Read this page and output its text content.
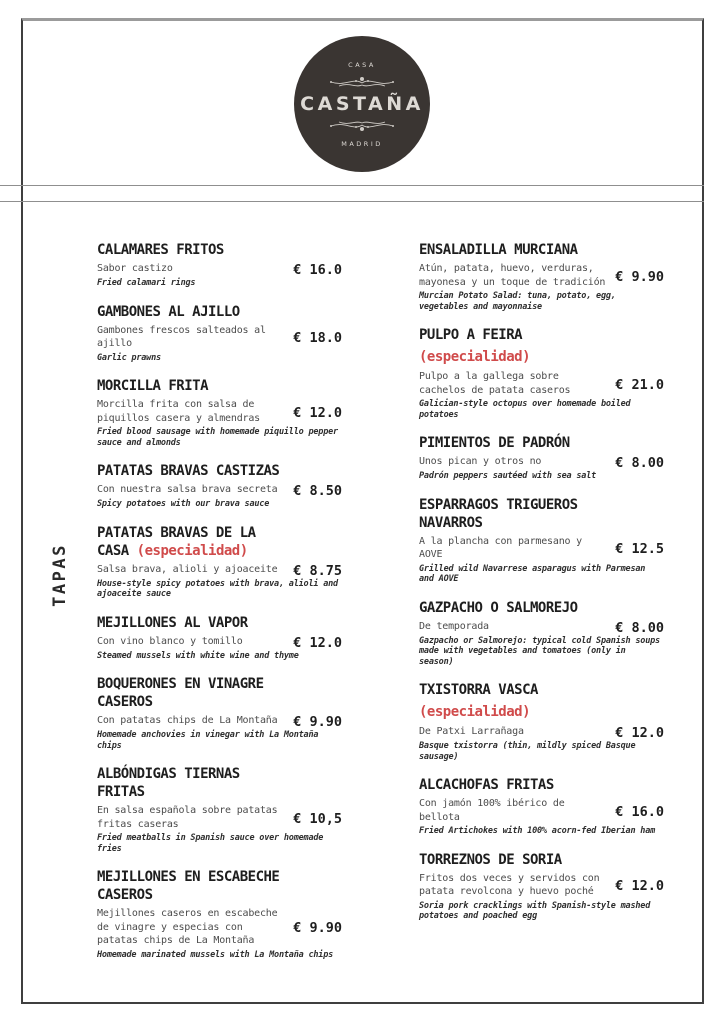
CASA
CASTAÑA
MADRID
TAPAS
CALAMARES FRITOS

Sabor castizo

Fried calamari rings

€ 16.0
GAMBONES AL AJILLO

Gambones frescos salteados al ajillo

Garlic prawns

€ 18.0
MORCILLA FRITA

Morcilla frita con salsa de piquillos casera y almendras

Fried blood sausage with homemade piquillo pepper sauce and almonds

€ 12.0
PATATAS BRAVAS CASTIZAS

Con nuestra salsa brava secreta

Spicy potatoes with our brava sauce

€ 8.50
PATATAS BRAVAS DE LA CASA (especialidad)

Salsa brava, alioli y ajoaceite

House-style spicy potatoes with brava, alioli and ajoaceite sauce

€ 8.75
MEJILLONES AL VAPOR

Con vino blanco y tomillo

Steamed mussels with white wine and thyme

€ 12.0
BOQUERONES EN VINAGRE CASEROS

Con patatas chips de La Montaña

Homemade anchovies in vinegar with La Montaña chips

€ 9.90
ALBÓNDIGAS TIERNAS FRITAS

En salsa española sobre patatas fritas caseras

Fried meatballs in Spanish sauce over homemade fries

€ 10,5
MEJILLONES EN ESCABECHE CASEROS

Mejillones caseros en escabeche de vinagre y especias con patatas chips de La Montaña

Homemade marinated mussels with La Montaña chips

€ 9.90
ENSALADILLA MURCIANA

Atún, patata, huevo, verduras, mayonesa y un toque de tradición

Murcian Potato Salad: tuna, potato, egg, vegetables and mayonnaise

€ 9.90
PULPO A FEIRA
(especialidad)

Pulpo a la gallega sobre cachelos de patata caseros

Galician-style octopus over homemade boiled potatoes

€ 21.0
PIMIENTOS DE PADRÓN

Unos pican y otros no

Padrón peppers sautéed with sea salt

€ 8.00
ESPARRAGOS TRIGUEROS NAVARROS

A la plancha con parmesano y AOVE

Grilled wild Navarrese asparagus with Parmesan and AOVE

€ 12.5
GAZPACHO O SALMOREJO

De temporada

Gazpacho or Salmorejo: typical cold Spanish soups made with vegetables and tomatoes (only in season)

€ 8.00
TXISTORRA VASCA
(especialidad)

De Patxi Larrañaga

Basque txistorra (thin, mildly spiced Basque sausage)

€ 12.0
ALCACHOFAS FRITAS

Con jamón 100% ibérico de bellota

Fried Artichokes with 100% acorn-fed Iberian ham

€ 16.0
TORREZNOS DE SORIA

Fritos dos veces y servidos con patata revolcona y huevo poché

Soria pork cracklings with Spanish-style mashed potatoes and poached egg

€ 12.0
